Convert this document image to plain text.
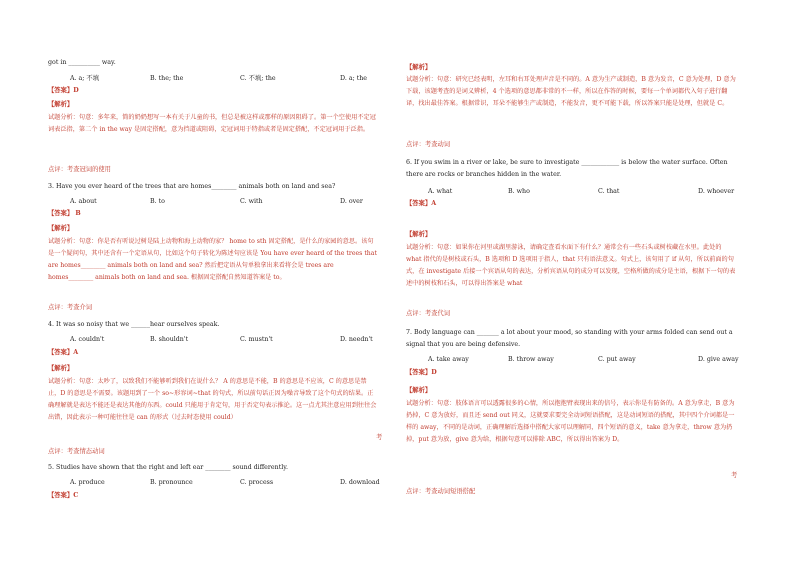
got in __________ way.
A. a; 不填	B. the; the	C. 不填; the	D. a; the
【答案】D
【解析】
试题分析：句意：多年来，简的奶奶想写一本有关于儿童的书，但总是被这样或那样的原因阻碍了。第一个空使用不定冠词表泛指，第二个 in the way 是固定搭配，意为挡道或阻碍，定冠词用于特指或者是固定搭配，不定冠词用于泛指。
点评：考查冠词的使用
3. Have you ever heard of the trees that are homes________ animals both on land and sea?
A. about	B. to	C. with	D. over
【答案】 B
【解析】
试题分析：句意：你是否有听说过树是陆上动物和海上动物的家？ home to sth 固定搭配，是什么的家园的意思。该句是一个疑问句，其中还含有一个定语从句，比如这个句子转化为陈述句应该是 You have ever heard of the trees that are homes________ animals both on land and sea? 然后把定语从句单独拿出来看将会是 trees are homes________ animals both on land and sea. 根据固定搭配自然知道答案是 to。
点评：考查介词
4. It was so noisy that we ______hear ourselves speak.
A. couldn't	B. shouldn't	C. mustn't	D. needn't
【答案】A
【解析】
试题分析：句意：太吵了，以致我们不能够听到我们在说什么？ A 的意思是不能，B 的意思是不应该，C 的意思是禁止，D 的意思是不需要。该题用到了一个 so~形容词~that 的句式，所以前句话正因为噪音导致了这个句式的结果。正确理解就是表达不能还是表达其他的东西。could 只能用于肯定句，用于否定句表示推论。这一点尤其注意应用到往往会出错，因此表示一种可能往往是 can 的形式（过去时态使用 could）
考
点评：考查情态动词
5. Studies have shown that the right and left ear ________ sound differently.
A. produce	B. pronounce	C. process	D. download
【答案】C
【解析】
试题分析：句意：研究已经表明，左耳和右耳处理声音是不同的。A 意为生产或制造，B 意为发音，C 意为处理，D 意为下载，该题考查的是词义辨析，4 个选项的意思都非常的不一样，所以在作答的时候，要每一个单词都代入句子进行翻译，找出最佳答案。根据常识，耳朵不能够生产或制造，不能发音，更不可能下载，所以答案只能是处理，但就是 C。
点评：考查动词
6. If you swim in a river or lake, be sure to investigate ____________ is below the water surface. Often there are rocks or branches hidden in the water.
A. what	B. who	C. that	D. whoever
【答案】A
【解析】
试题分析：句意：如果你在河里或湖里游泳，请确定查看水面下有什么？通常会有一些石头或树枝藏在水里。此处的 what 指代的是树枝或石头，B 选项和 D 选项用于指人，that 只有语法意义。句式上，该句用了 if 从句，所以前面的句式，在 investigate 后接一个宾语从句的表达，分析宾语从句的成分可以发现，空格所做的成分是主语，根据下一句的表述中的树枝和石头，可以得出答案是 what
点评：考查代词
7. Body language can _______ a lot about your mood, so standing with your arms folded can send out a signal that you are being defensive.
A. take away	B. throw away	C. put away	D. give away
【答案】D
【解析】
试题分析：句意：肢体语言可以透露很多的心情，所以抱抱臂表现出来的信号，表示你是有防备的。A 意为拿走，B 意为扔掉，C 意为放好，而且还 send out 同义，这就要求要完全动词短语搭配，这是动词短语的搭配，其中四个介词都是一样的 away，不同的是动词，正确理解后选择中搭配大家可以理解同，四个短语的意义，take 意为拿走，throw 意为扔掉，put 意为放，give 意为给，根据句意可以排除 ABC，所以得出答案为 D。
考
点评：考查动词短语搭配
